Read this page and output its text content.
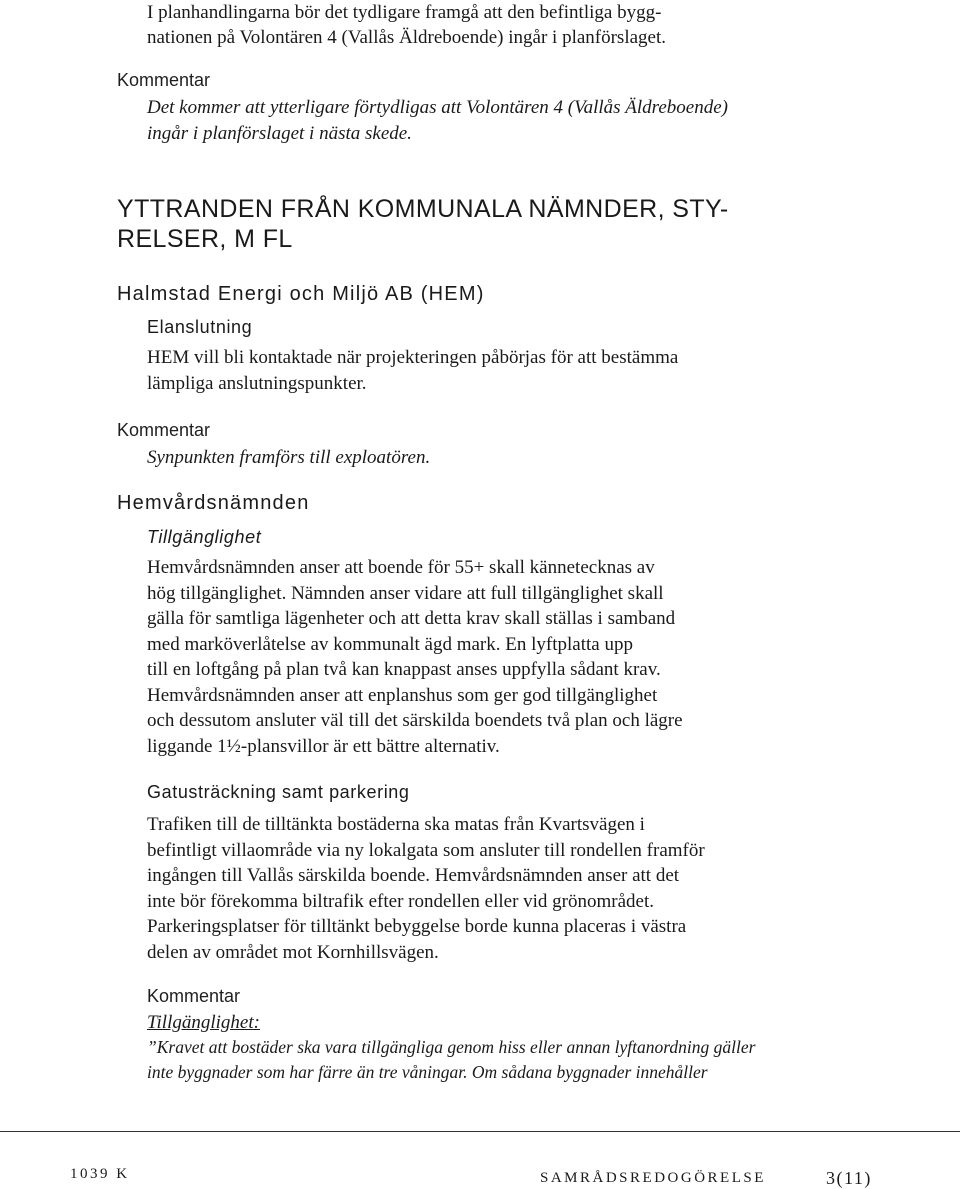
I planhandlingarna bör det tydligare framgå att den befintliga bygg-

nationen på Volontären 4 (Vallås Äldreboende) ingår i planförslaget.

Kommentar

Det kommer att ytterligare förtydligas att Volontären 4 (Vallås Äldreboende)

ingår i planförslaget i nästa skede.

YTTRANDEN FRÅN KOMMUNALA NÄMNDER, STY-
RELSER, M FL
Halmstad Energi och Miljö AB (HEM)
Elanslutning

HEM vill bli kontaktade när projekteringen påbörjas för att bestämma

lämpliga anslutningspunkter.

Kommentar

Synpunkten framförs till exploatören.

Hemvårdsnämnden
Tillgänglighet
Hemvårdsnämnden anser att boende för 55+ skall kännetecknas av
hög tillgänglighet. Nämnden anser vidare att full tillgänglighet skall
gälla för samtliga lägenheter och att detta krav skall ställas i samband
med marköverlåtelse av kommunalt ägd mark. En lyftplatta upp
till en loftgång på plan två kan knappast anses uppfylla sådant krav.
Hemvårdsnämnden anser att enplanshus som ger god tillgänglighet
och dessutom ansluter väl till det särskilda boendets två plan och lägre
liggande 1½-plansvillor är ett bättre alternativ.
Gatusträckning samt parkering
Trafiken till de tilltänkta bostäderna ska matas från Kvartsvägen i
befintligt villaområde via ny lokalgata som ansluter till rondellen framför
ingången till Vallås särskilda boende. Hemvårdsnämnden anser att det
inte bör förekomma biltrafik efter rondellen eller vid grönområdet.
Parkeringsplatser för tilltänkt bebyggelse borde kunna placeras i västra
delen av området mot Kornhillsvägen.
Kommentar

Tillgänglighet:

”Kravet att bostäder ska vara tillgängliga genom hiss eller annan lyftanordning gäller

inte byggnader som har färre än tre våningar. Om sådana byggnader innehåller

1039 K	SAMRÅDSREDOGÖRELSE	3(11)
